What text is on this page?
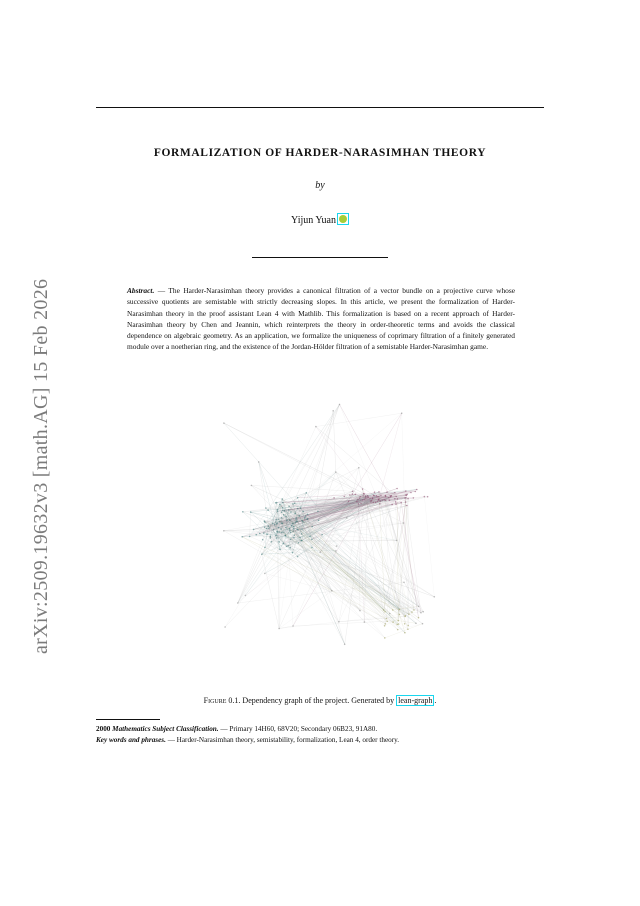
FORMALIZATION OF HARDER-NARASIMHAN THEORY
by
Yijun Yuan
Abstract. — The Harder-Narasimhan theory provides a canonical filtration of a vector bundle on a projective curve whose successive quotients are semistable with strictly decreasing slopes. In this article, we present the formalization of Harder-Narasimhan theory in the proof assistant Lean 4 with Mathlib. This formalization is based on a recent approach of Harder-Narasimhan theory by Chen and Jeannin, which reinterprets the theory in order-theoretic terms and avoids the classical dependence on algebraic geometry. As an application, we formalize the uniqueness of coprimary filtration of a finitely generated module over a noetherian ring, and the existence of the Jordan-Hölder filtration of a semistable Harder-Narasimhan game.
arXiv:2509.19632v3 [math.AG] 15 Feb 2026
Figure 0.1. Dependency graph of the project. Generated by lean-graph .
2000 Mathematics Subject Classification. — Primary 14H60, 68V20; Secondary 06B23, 91A80.
Key words and phrases. — Harder-Narasimhan theory, semistability, formalization, Lean 4, order theory.
